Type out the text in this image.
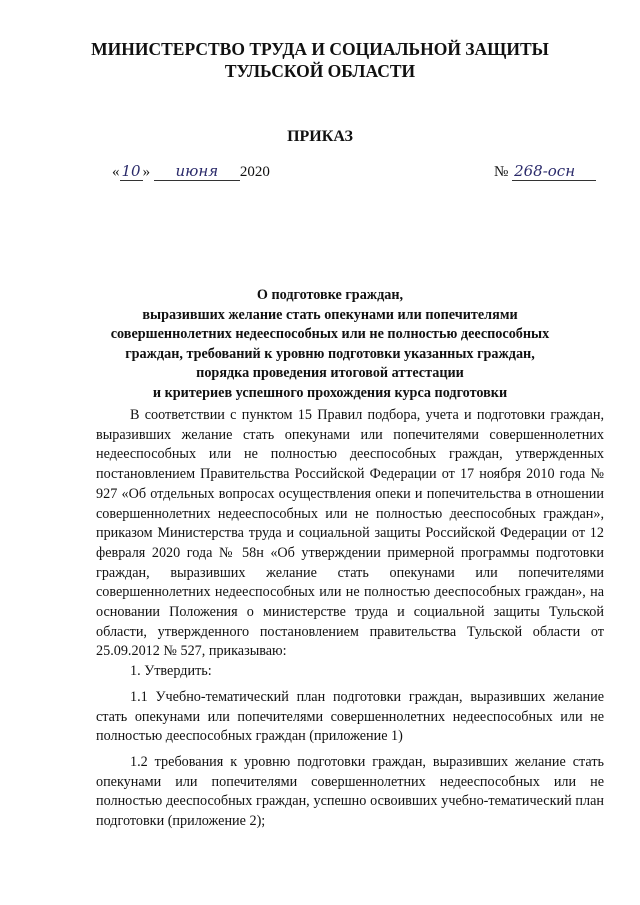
МИНИСТЕРСТВО ТРУДА И СОЦИАЛЬНОЙ ЗАЩИТЫ
ТУЛЬСКОЙ ОБЛАСТИ
ПРИКАЗ
« 10 » июня 2020	№ 268-осн
О подготовке граждан,
выразивших желание стать опекунами или попечителями
совершеннолетних недееспособных или не полностью дееспособных
граждан, требований к уровню подготовки указанных граждан,
порядка проведения итоговой аттестации
и критериев успешного прохождения курса подготовки

В соответствии с пунктом 15 Правил подбора, учета и подготовки граждан, выразивших желание стать опекунами или попечителями совершеннолетних недееспособных или не полностью дееспособных граждан, утвержденных постановлением Правительства Российской Федерации от 17 ноября 2010 года № 927 «Об отдельных вопросах осуществления опеки и попечительства в отношении совершеннолетних недееспособных или не полностью дееспособных граждан», приказом Министерства труда и социальной защиты Российской Федерации от 12 февраля 2020 года № 58н «Об утверждении примерной программы подготовки граждан, выразивших желание стать опекунами или попечителями совершеннолетних недееспособных или не полностью дееспособных граждан», на основании Положения о министерстве труда и социальной защиты Тульской области, утвержденного постановлением правительства Тульской области от 25.09.2012 № 527, приказываю:

1. Утвердить:

1.1 Учебно-тематический план подготовки граждан, выразивших желание стать опекунами или попечителями совершеннолетних недееспособных или не полностью дееспособных граждан (приложение 1)

1.2 требования к уровню подготовки граждан, выразивших желание стать опекунами или попечителями совершеннолетних недееспособных или не полностью дееспособных граждан, успешно освоивших учебно-тематический план подготовки (приложение 2);
